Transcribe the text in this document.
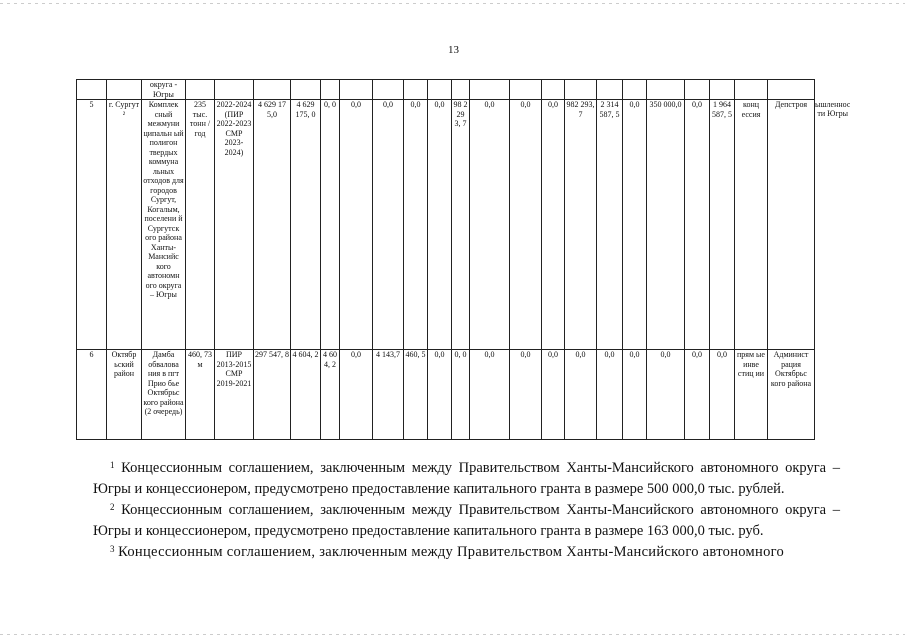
13
		округа - Югры																						
5	г. Сургут ²	Комплек сный межмуни ципальн ый полигон твердых коммуна льных отходов для городов Сургут, Когалым, поселени й Сургутск ого района Ханты-Мансийс кого автономн ого округа – Югры	235 тыс. тонн /год	2022-2024 (ПИР 2022-2023 СМР 2023-2024)	4 629 17 5,0	4 629 175, 0	0, 0	0,0	0,0	0,0	0,0	98 2 29 3, 7	0,0	0,0	0,0	982 293, 7	2 314 587, 5	0,0	350 000,0	0,0	1 964 587, 5	конц ессия	Депстроя	ышленнос ти Югры
6	Октябр ьский район	Дамба обвалова ния в пгт Прио бье Октябрьс кого района (2 очередь)	460, 73 м	ПИР 2013-2015 СМР 2019-2021	297 547, 8	4 604, 2	4 60 4, 2	0,0	4 143,7	460, 5	0,0	0, 0	0,0	0,0	0,0	0,0	0,0	0,0	0,0	0,0	0,0	прям ые инве стиц ии	Админист рация Октябрьс кого района	

$^1$ Концессионным соглашением, заключенным между Правительством Ханты-Мансийского автономного округа – Югры и концессионером, предусмотрено предоставление капитального гранта в размере 500 000,0 тыс. рублей.

$^2$ Концессионным соглашением, заключенным между Правительством Ханты-Мансийского автономного округа – Югры и концессионером, предусмотрено предоставление капитального гранта в размере 163 000,0 тыс. руб.

$^3$ Концессионным соглашением, заключенным между Правительством Ханты-Мансийского автономного
